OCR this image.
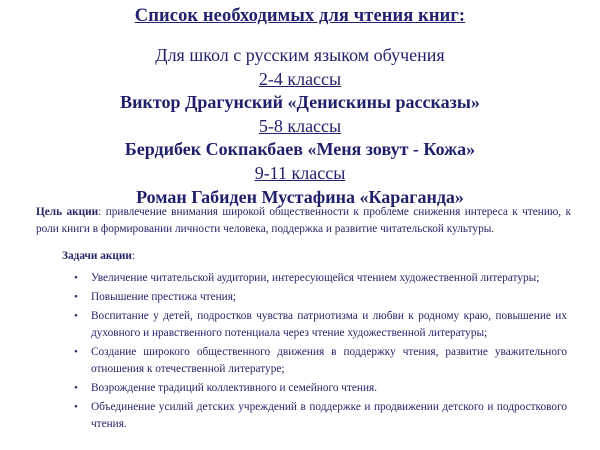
Список необходимых для чтения книг:
Для школ с русским языком обучения
2-4 классы
Виктор Драгунский «Денискины рассказы»
5-8 классы
Бердибек Сокпакбаев «Меня зовут - Кожа»
9-11 классы
Роман Габиден Мустафина «Караганда»
Цель акции: привлечение внимания широкой общественности к проблеме снижения интереса к чтению, к роли книги в формировании личности человека, поддержка и развитие читательской культуры.
Задачи акции:
• Увеличение читательской аудитории, интересующейся чтением художественной литературы;
• Повышение престижа чтения;
• Воспитание у детей, подростков чувства патриотизма и любви к родному краю, повышение их духовного и нравственного потенциала через чтение художественной литературы;
• Создание широкого общественного движения в поддержку чтения, развитие уважительного отношения к отечественной литературе;
• Возрождение традиций коллективного и семейного чтения.
• Объединение усилий детских учреждений в поддержке и продвижении детского и подросткового чтения.
